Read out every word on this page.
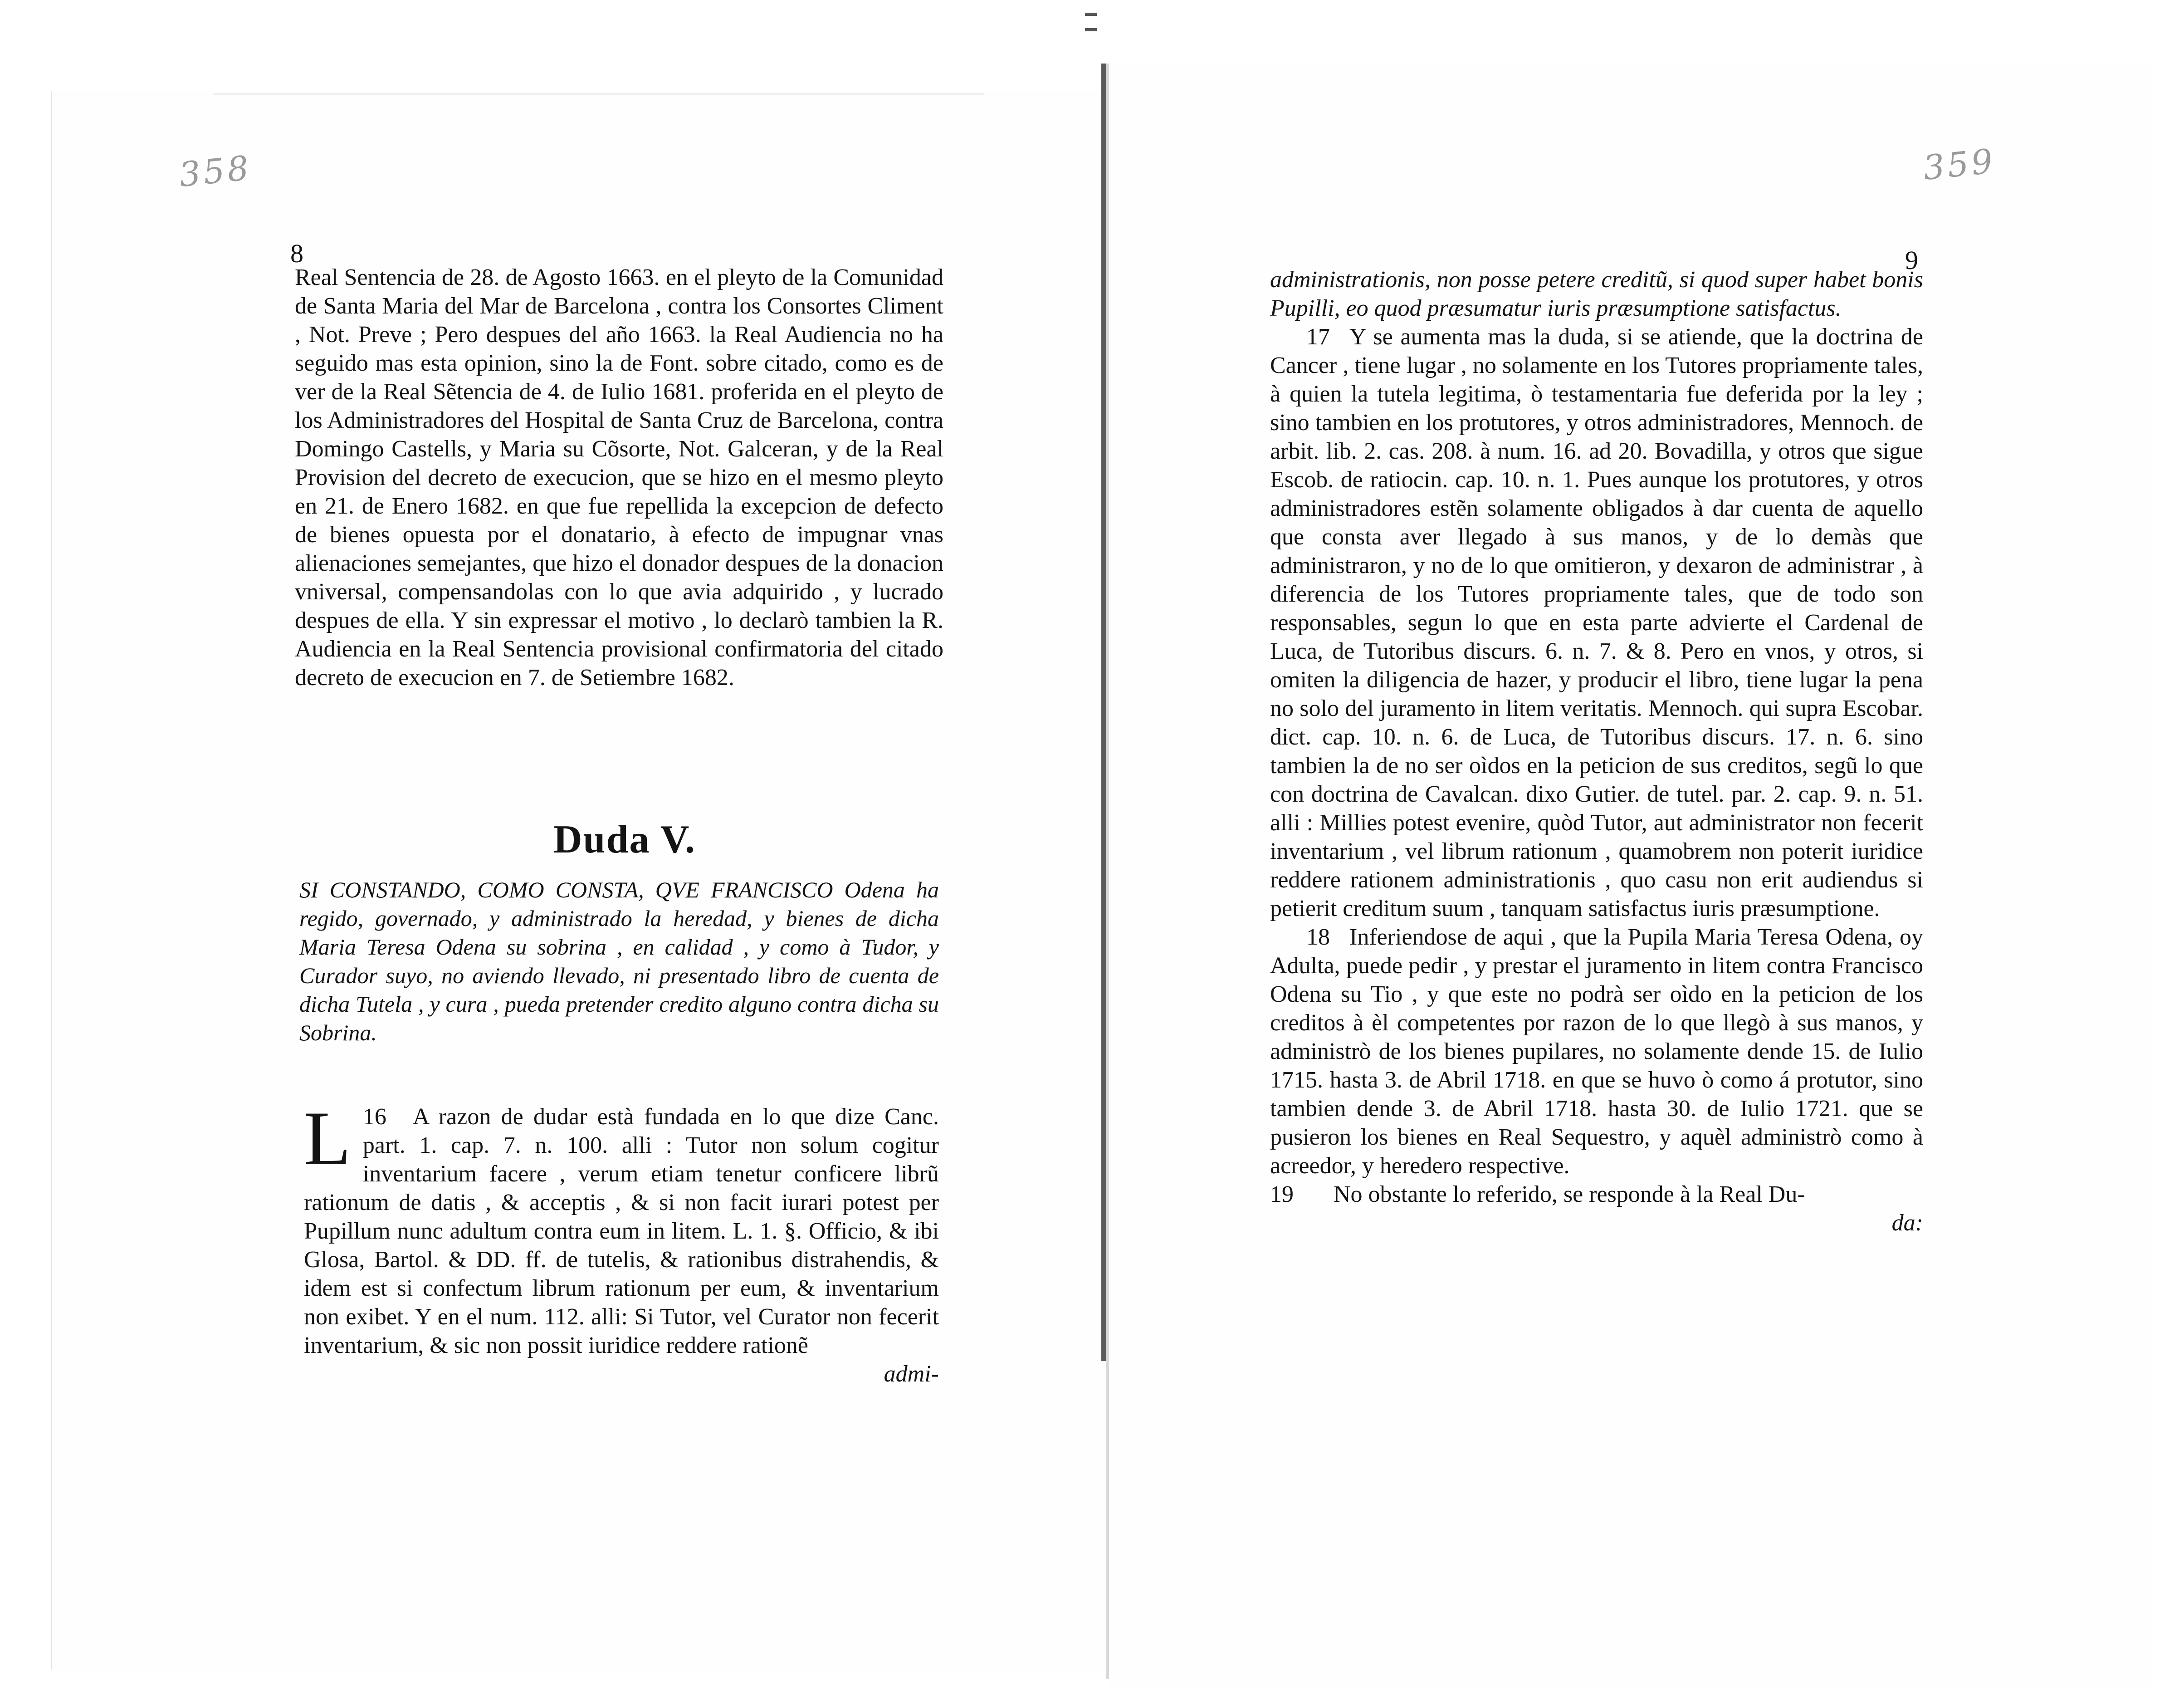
358	359
8

Real Sentencia de 28. de Agosto 1663. en el pleyto de la Comunidad de Santa Maria del Mar de Barcelona , contra los Consortes Climent , Not. Preve ; Pero despues del año 1663. la Real Audiencia no ha seguido mas esta opinion, sino la de Font. sobre citado, como es de ver de la Real Sẽtencia de 4. de Iulio 1681. proferida en el pleyto de los Administradores del Hospital de Santa Cruz de Barcelona, contra Domingo Castells, y Maria su Cõsorte, Not. Galceran, y de la Real Provision del decreto de execucion, que se hizo en el mesmo pleyto en 21. de Enero 1682. en que fue repellida la excepcion de defecto de bienes opuesta por el donatario, à efecto de impugnar vnas alienaciones semejantes, que hizo el donador despues de la donacion vniversal, compensandolas con lo que avia adquirido , y lucrado despues de ella. Y sin expressar el motivo , lo declarò tambien la R. Audiencia en la Real Sentencia provisional confirmatoria del citado decreto de execucion en 7. de Setiembre 1682.

Duda V.

SI CONSTANDO, COMO CONSTA, QVE FRANCISCO Odena ha regido, governado, y administrado la heredad, y bienes de dicha Maria Teresa Odena su sobrina , en calidad , y como à Tudor, y Curador suyo, no aviendo llevado, ni presentado libro de cuenta de dicha Tutela , y cura , pueda pretender credito alguno contra dicha su Sobrina.

16
L	A razon de dudar està fundada en lo que dize Canc. part. 1. cap. 7. n. 100. alli : Tutor non solum cogitur inventarium facere , verum etiam tenetur conficere librũ rationum de datis , & acceptis , & si non facit iurari potest per Pupillum nunc adultum contra eum in litem. L. 1. §. Officio, & ibi Glosa, Bartol. & DD. ff. de tutelis, & rationibus distrahendis, & idem est si confectum librum rationum per eum, & inventarium non exibet. Y en el num. 112. alli: Si Tutor, vel Curator non fecerit inventarium, & sic non possit iuridice reddere rationẽ

admi-

9

administrationis, non posse petere creditũ, si quod super habet bonis Pupilli, eo quod præsumatur iuris præsumptione satisfactus.

17 Y se aumenta mas la duda, si se atiende, que la doctrina de Cancer , tiene lugar , no solamente en los Tutores propriamente tales, à quien la tutela legitima, ò testamentaria fue deferida por la ley ; sino tambien en los protutores, y otros administradores, Mennoch. de arbit. lib. 2. cas. 208. à num. 16. ad 20. Bovadilla, y otros que sigue Escob. de ratiocin. cap. 10. n. 1. Pues aunque los protutores, y otros administradores estẽn solamente obligados à dar cuenta de aquello que consta aver llegado à sus manos, y de lo demàs que administraron, y no de lo que omitieron, y dexaron de administrar , à diferencia de los Tutores propriamente tales, que de todo son responsables, segun lo que en esta parte advierte el Cardenal de Luca, de Tutoribus discurs. 6. n. 7. & 8. Pero en vnos, y otros, si omiten la diligencia de hazer, y producir el libro, tiene lugar la pena no solo del juramento in litem veritatis. Mennoch. qui supra Escobar. dict. cap. 10. n. 6. de Luca, de Tutoribus discurs. 17. n. 6. sino tambien la de no ser oìdos en la peticion de sus creditos, segũ lo que con doctrina de Cavalcan. dixo Gutier. de tutel. par. 2. cap. 9. n. 51. alli : Millies potest evenire, quòd Tutor, aut administrator non fecerit inventarium , vel librum rationum , quamobrem non poterit iuridice reddere rationem administrationis , quo casu non erit audiendus si petierit creditum suum , tanquam satisfactus iuris præsumptione.

18 Inferiendose de aqui , que la Pupila Maria Teresa Odena, oy Adulta, puede pedir , y prestar el juramento in litem contra Francisco Odena su Tio , y que este no podrà ser oìdo en la peticion de los creditos à èl competentes por razon de lo que llegò à sus manos, y administrò de los bienes pupilares, no solamente dende 15. de Iulio 1715. hasta 3. de Abril 1718. en que se huvo ò como á protutor, sino tambien dende 3. de Abril 1718. hasta 30. de Iulio 1721. que se pusieron los bienes en Real Sequestro, y aquèl administrò como à acreedor, y heredero respective.

19 No obstante lo referido, se responde à la Real Du-

da:
